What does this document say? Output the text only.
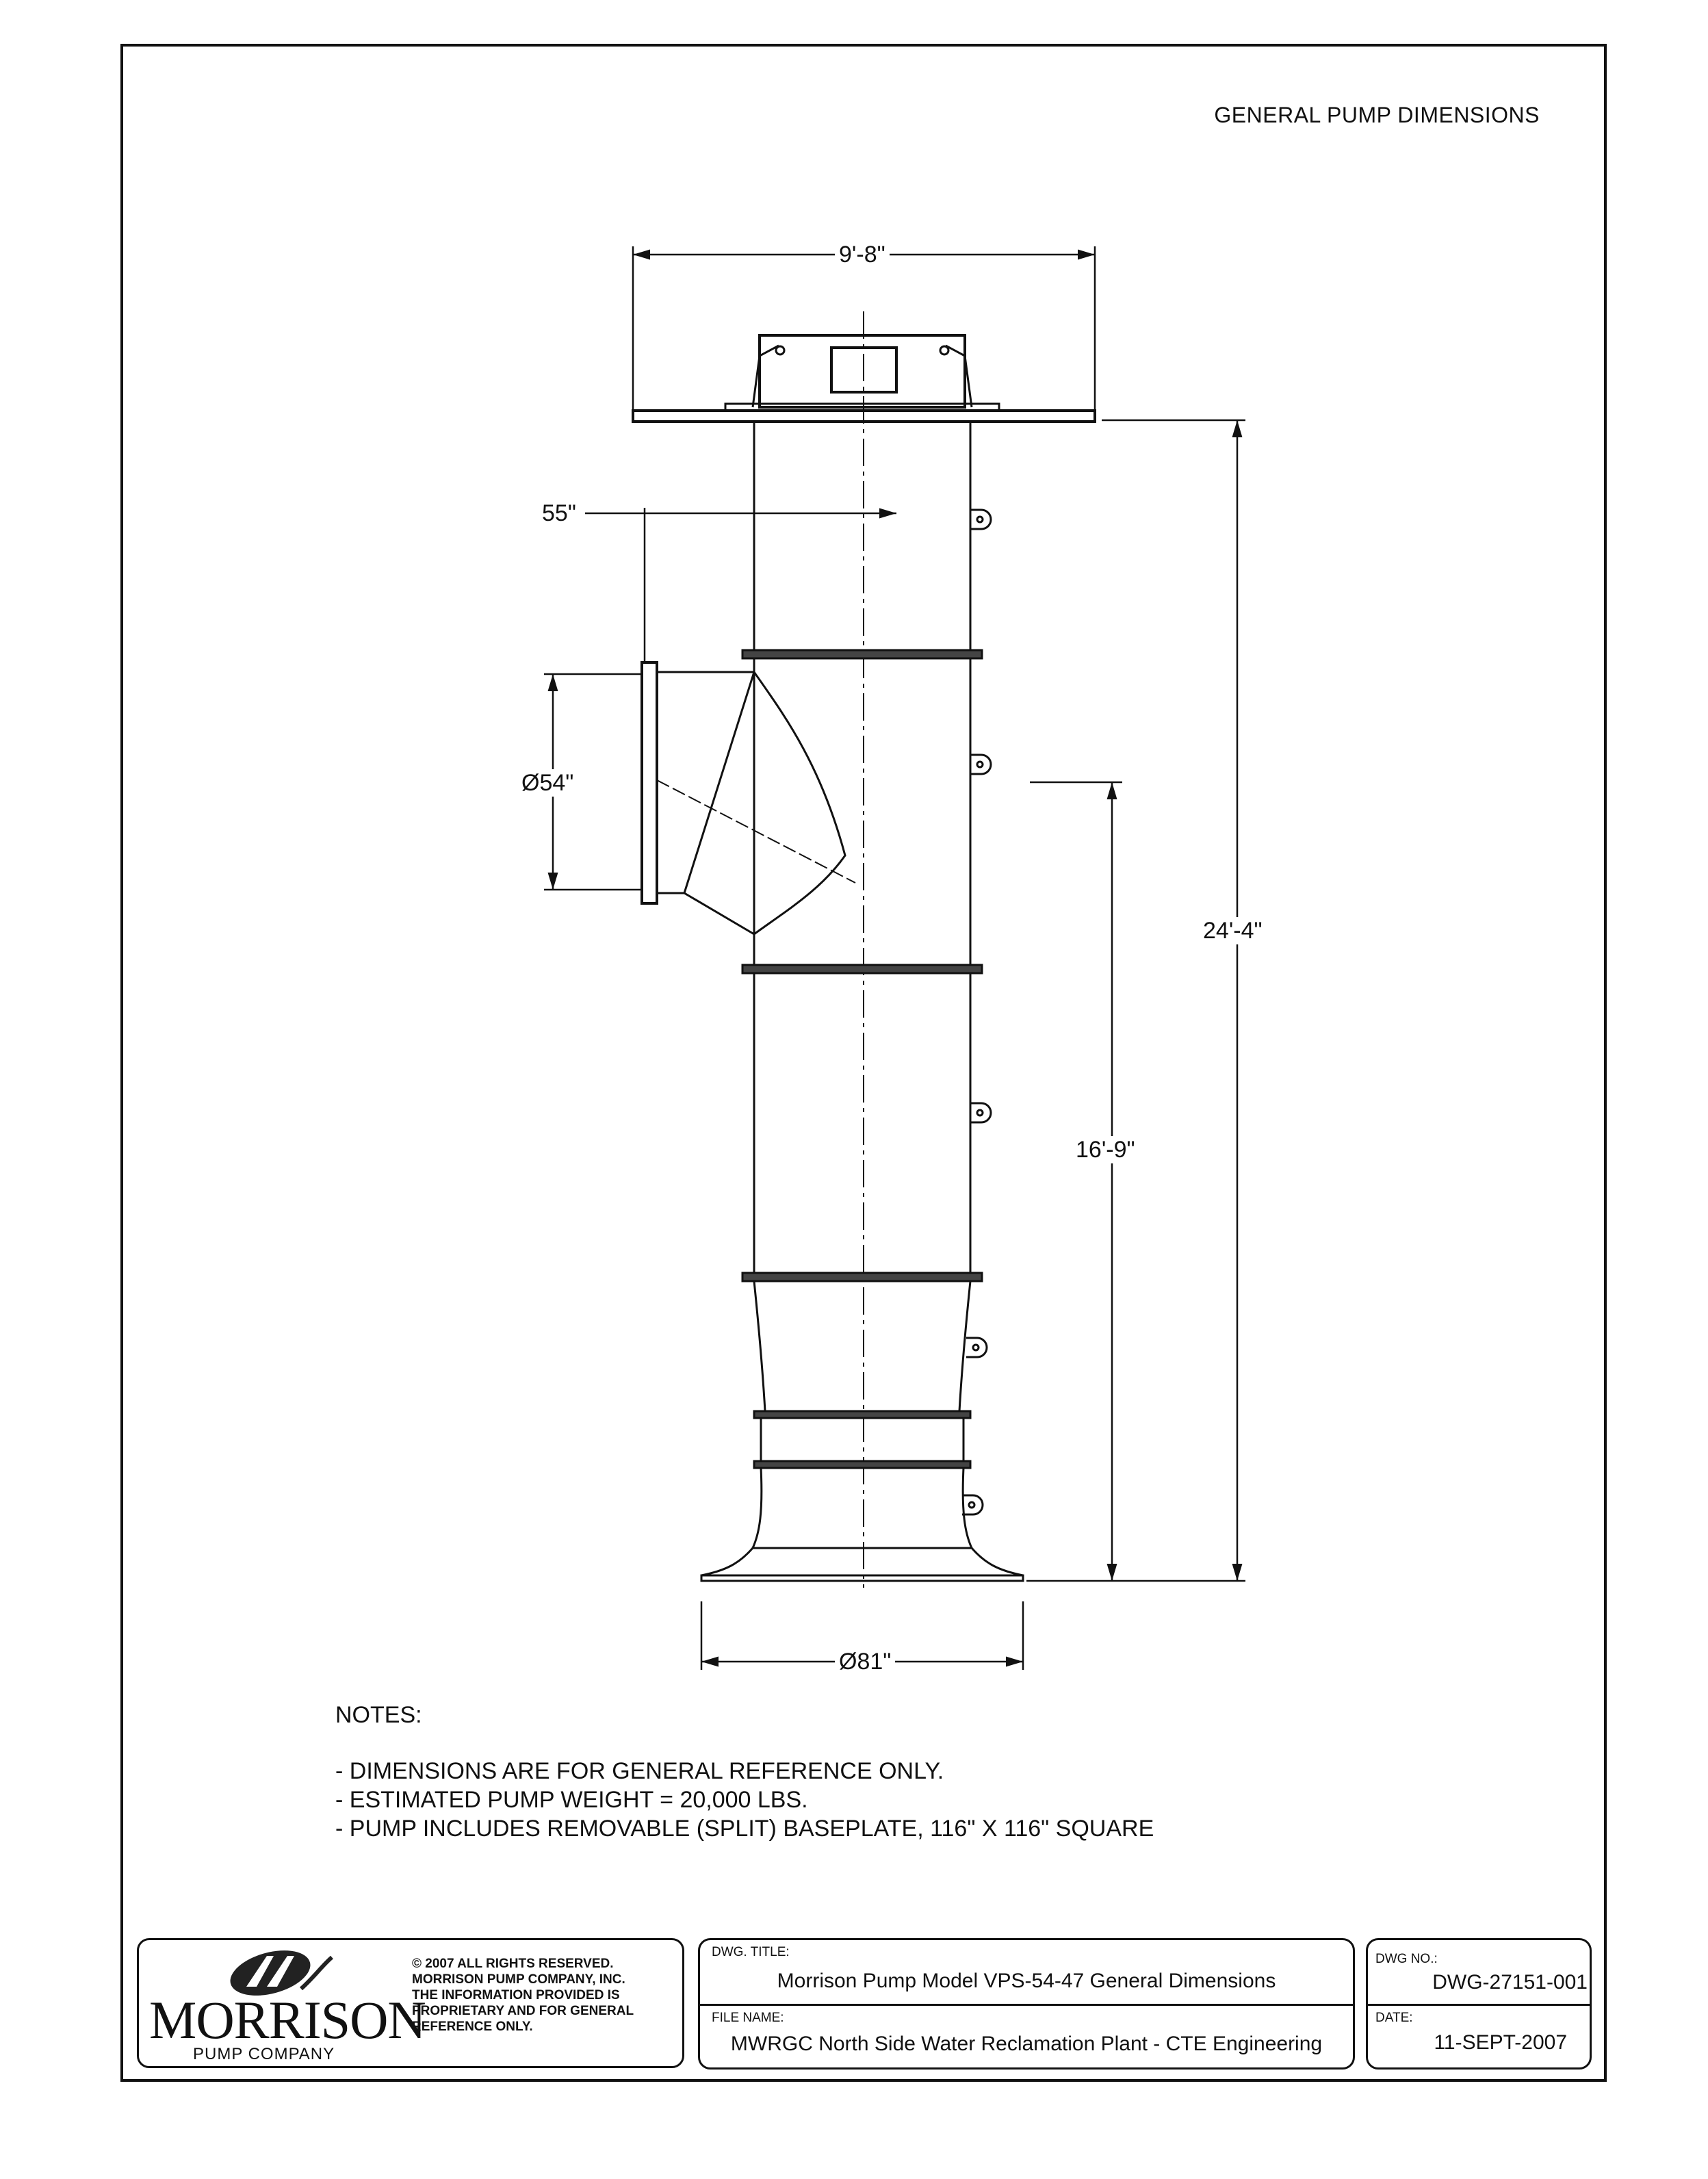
GENERAL PUMP DIMENSIONS
9'-8"
55"
Ø54"
24'-4"
16'-9"
Ø81"
NOTES:
- DIMENSIONS ARE FOR GENERAL REFERENCE ONLY.
- ESTIMATED PUMP WEIGHT = 20,000 LBS.
- PUMP INCLUDES REMOVABLE (SPLIT) BASEPLATE, 116" X 116" SQUARE
MORRISON
PUMP COMPANY
© 2007 ALL RIGHTS RESERVED.
MORRISON PUMP COMPANY, INC.
THE INFORMATION PROVIDED IS
PROPRIETARY AND FOR GENERAL
REFERENCE ONLY.
DWG. TITLE:
Morrison Pump Model VPS-54-47 General Dimensions
FILE NAME:
MWRGC North Side Water Reclamation Plant - CTE Engineering
DWG NO.:
DWG-27151-001
DATE:
11-SEPT-2007
